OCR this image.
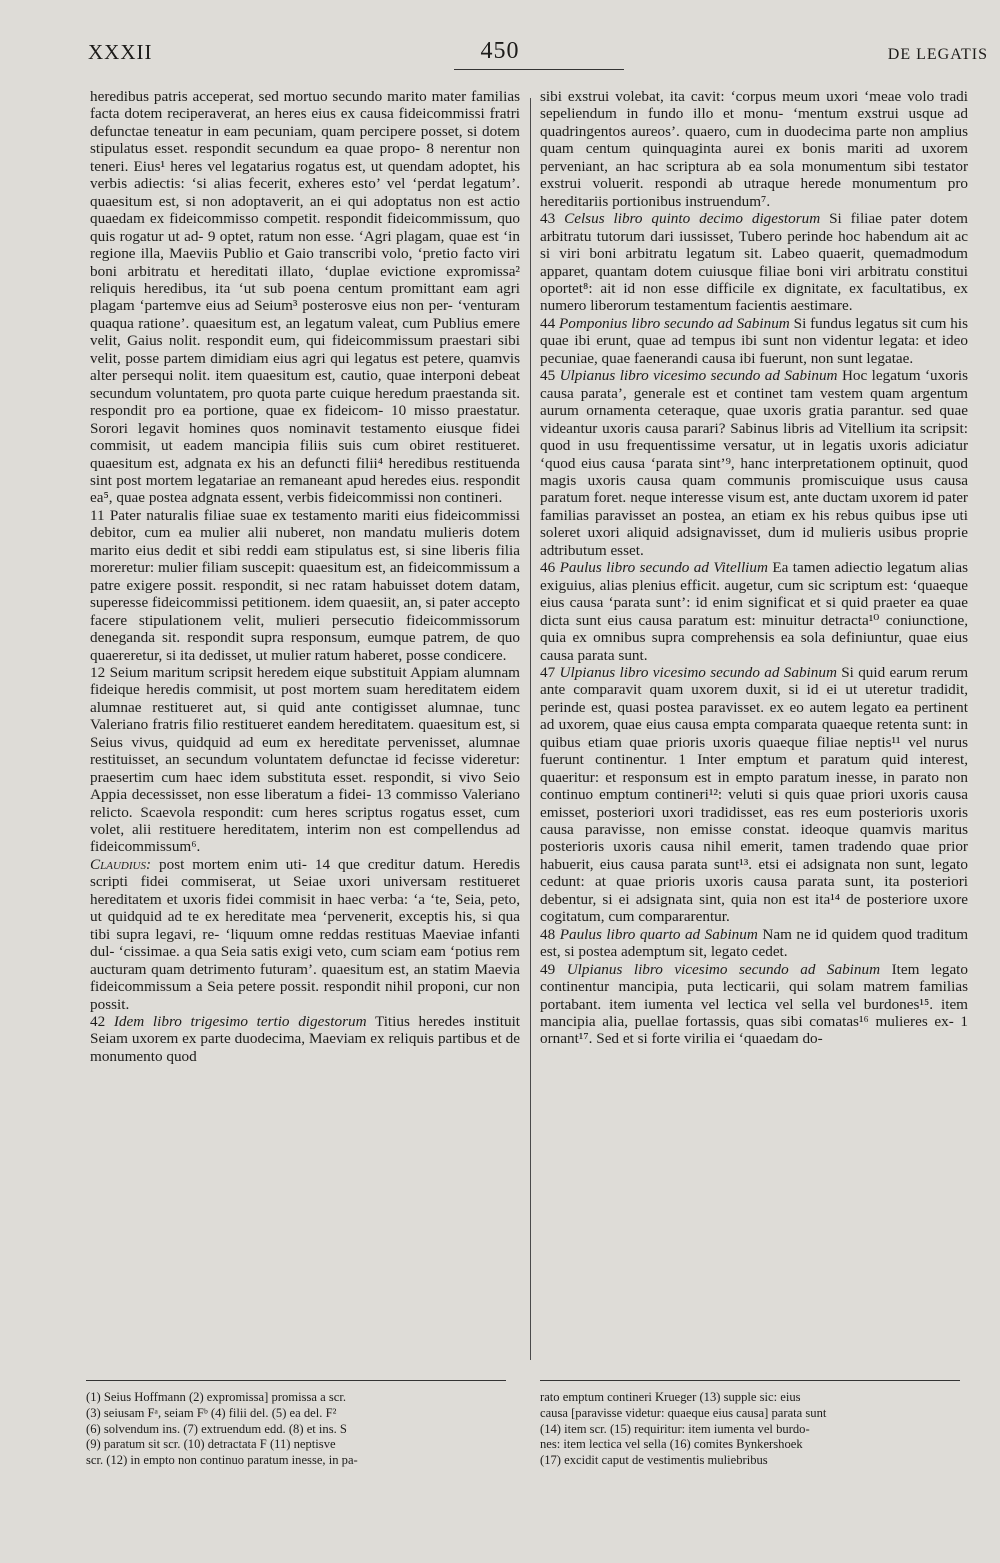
XXXII	450	DE LEGATIS

heredibus patris acceperat, sed mortuo secundo marito mater familias facta dotem reciperaverat, an heres eius ex causa fideicommissi fratri defunctae teneatur in eam pecuniam, quam percipere posset, si dotem stipulatus esset. respondit secundum ea quae propo- 8 nerentur non teneri. Eius¹ heres vel legatarius rogatus est, ut quendam adoptet, his verbis adiectis: ‘si alias fecerit, exheres esto’ vel ‘perdat legatum’. quaesitum est, si non adoptaverit, an ei qui adoptatus non est actio quaedam ex fideicommisso competit. respondit fideicommissum, quo quis rogatur ut ad- 9 optet, ratum non esse. ‘Agri plagam, quae est ‘in regione illa, Maeviis Publio et Gaio transcribi volo, ‘pretio facto viri boni arbitratu et hereditati illato, ‘duplae evictione expromissa² reliquis heredibus, ita ‘ut sub poena centum promittant eam agri plagam ‘partemve eius ad Seium³ posterosve eius non per- ‘venturam quaqua ratione’. quaesitum est, an legatum valeat, cum Publius emere velit, Gaius nolit. respondit eum, qui fideicommissum praestari sibi velit, posse partem dimidiam eius agri qui legatus est petere, quamvis alter persequi nolit. item quaesitum est, cautio, quae interponi debeat secundum voluntatem, pro quota parte cuique heredum praestanda sit. respondit pro ea portione, quae ex fideicom- 10 misso praestatur. Sorori legavit homines quos nominavit testamento eiusque fidei commisit, ut eadem mancipia filiis suis cum obiret restitueret. quaesitum est, adgnata ex his an defuncti filii⁴ heredibus restituenda sint post mortem legatariae an remaneant apud heredes eius. respondit ea⁵, quae postea adgnata essent, verbis fideicommissi non contineri.

11 Pater naturalis filiae suae ex testamento mariti eius fideicommissi debitor, cum ea mulier alii nuberet, non mandatu mulieris dotem marito eius dedit et sibi reddi eam stipulatus est, si sine liberis filia moreretur: mulier filiam suscepit: quaesitum est, an fideicommissum a patre exigere possit. respondit, si nec ratam habuisset dotem datam, superesse fideicommissi petitionem. idem quaesiit, an, si pater accepto facere stipulationem velit, mulieri persecutio fideicommissorum deneganda sit. respondit supra responsum, eumque patrem, de quo quaereretur, si ita dedisset, ut mulier ratum haberet, posse condicere.

12 Seium maritum scripsit heredem eique substituit Appiam alumnam fideique heredis commisit, ut post mortem suam hereditatem eidem alumnae restitueret aut, si quid ante contigisset alumnae, tunc Valeriano fratris filio restitueret eandem hereditatem. quaesitum est, si Seius vivus, quidquid ad eum ex hereditate pervenisset, alumnae restituisset, an secundum voluntatem defunctae id fecisse videretur: praesertim cum haec idem substituta esset. respondit, si vivo Seio Appia decessisset, non esse liberatum a fidei- 13 commisso Valeriano relicto. Scaevola respondit: cum heres scriptus rogatus esset, cum volet, alii restituere hereditatem, interim non est compellendus ad fideicommissum⁶.

Claudius: post mortem enim uti- 14 que creditur datum. Heredis scripti fidei commiserat, ut Seiae uxori universam restitueret hereditatem et uxoris fidei commisit in haec verba: ‘a ‘te, Seia, peto, ut quidquid ad te ex hereditate mea ‘pervenerit, exceptis his, si qua tibi supra legavi, re- ‘liquum omne reddas restituas Maeviae infanti dul- ‘cissimae. a qua Seia satis exigi veto, cum sciam eam ‘potius rem aucturam quam detrimento futuram’. quaesitum est, an statim Maevia fideicommissum a Seia petere possit. respondit nihil proponi, cur non possit.

42 Idem libro trigesimo tertio digestorum Titius heredes instituit Seiam uxorem ex parte duodecima, Maeviam ex reliquis partibus et de monumento quod

sibi exstrui volebat, ita cavit: ‘corpus meum uxori ‘meae volo tradi sepeliendum in fundo illo et monu- ‘mentum exstrui usque ad quadringentos aureos’. quaero, cum in duodecima parte non amplius quam centum quinquaginta aurei ex bonis mariti ad uxorem perveniant, an hac scriptura ab ea sola monumentum sibi testator exstrui voluerit. respondi ab utraque herede monumentum pro hereditariis portionibus instruendum⁷.

43 Celsus libro quinto decimo digestorum Si filiae pater dotem arbitratu tutorum dari iussisset, Tubero perinde hoc habendum ait ac si viri boni arbitratu legatum sit. Labeo quaerit, quemadmodum apparet, quantam dotem cuiusque filiae boni viri arbitratu constitui oportet⁸: ait id non esse difficile ex dignitate, ex facultatibus, ex numero liberorum testamentum facientis aestimare.

44 Pomponius libro secundo ad Sabinum Si fundus legatus sit cum his quae ibi erunt, quae ad tempus ibi sunt non videntur legata: et ideo pecuniae, quae faenerandi causa ibi fuerunt, non sunt legatae.

45 Ulpianus libro vicesimo secundo ad Sabinum Hoc legatum ‘uxoris causa parata’, generale est et continet tam vestem quam argentum aurum ornamenta ceteraque, quae uxoris gratia parantur. sed quae videantur uxoris causa parari? Sabinus libris ad Vitellium ita scripsit: quod in usu frequentissime versatur, ut in legatis uxoris adiciatur ‘quod eius causa ‘parata sint’⁹, hanc interpretationem optinuit, quod magis uxoris causa quam communis promiscuique usus causa paratum foret. neque interesse visum est, ante ductam uxorem id pater familias paravisset an postea, an etiam ex his rebus quibus ipse uti soleret uxori aliquid adsignavisset, dum id mulieris usibus proprie adtributum esset.

46 Paulus libro secundo ad Vitellium Ea tamen adiectio legatum alias exiguius, alias plenius efficit. augetur, cum sic scriptum est: ‘quaeque eius causa ‘parata sunt’: id enim significat et si quid praeter ea quae dicta sunt eius causa paratum est: minuitur detracta¹⁰ coniunctione, quia ex omnibus supra comprehensis ea sola definiuntur, quae eius causa parata sunt.

47 Ulpianus libro vicesimo secundo ad Sabinum Si quid earum rerum ante comparavit quam uxorem duxit, si id ei ut uteretur tradidit, perinde est, quasi postea paravisset. ex eo autem legato ea pertinent ad uxorem, quae eius causa empta comparata quaeque retenta sunt: in quibus etiam quae prioris uxoris quaeque filiae neptis¹¹ vel nurus fuerunt continentur. 1 Inter emptum et paratum quid interest, quaeritur: et responsum est in empto paratum inesse, in parato non continuo emptum contineri¹²: veluti si quis quae priori uxoris causa emisset, posteriori uxori tradidisset, eas res eum posterioris uxoris causa paravisse, non emisse constat. ideoque quamvis maritus posterioris uxoris causa nihil emerit, tamen tradendo quae prior habuerit, eius causa parata sunt¹³. etsi ei adsignata non sunt, legato cedunt: at quae prioris uxoris causa parata sunt, ita posteriori debentur, si ei adsignata sint, quia non est ita¹⁴ de posteriore uxore cogitatum, cum compararentur.

48 Paulus libro quarto ad Sabinum Nam ne id quidem quod traditum est, si postea ademptum sit, legato cedet.

49 Ulpianus libro vicesimo secundo ad Sabinum Item legato continentur mancipia, puta lecticarii, qui solam matrem familias portabant. item iumenta vel lectica vel sella vel burdones¹⁵. item mancipia alia, puellae fortassis, quas sibi comatas¹⁶ mulieres ex- 1 ornant¹⁷. Sed et si forte virilia ei ‘quaedam do-

(1) Seius Hoffmann (2) expromissa] promissa a scr.

(3) seiusam Fᵃ, seiam Fᵇ (4) filii del. (5) ea del. F²

(6) solvendum ins. (7) extruendum edd. (8) et ins. S

(9) paratum sit scr. (10) detractata F (11) neptisve

scr. (12) in empto non continuo paratum inesse, in pa-

rato emptum contineri Krueger (13) supple sic: eius

causa [paravisse videtur: quaeque eius causa] parata sunt

(14) item scr. (15) requiritur: item iumenta vel burdo-

nes: item lectica vel sella (16) comites Bynkershoek

(17) excidit caput de vestimentis muliebribus
